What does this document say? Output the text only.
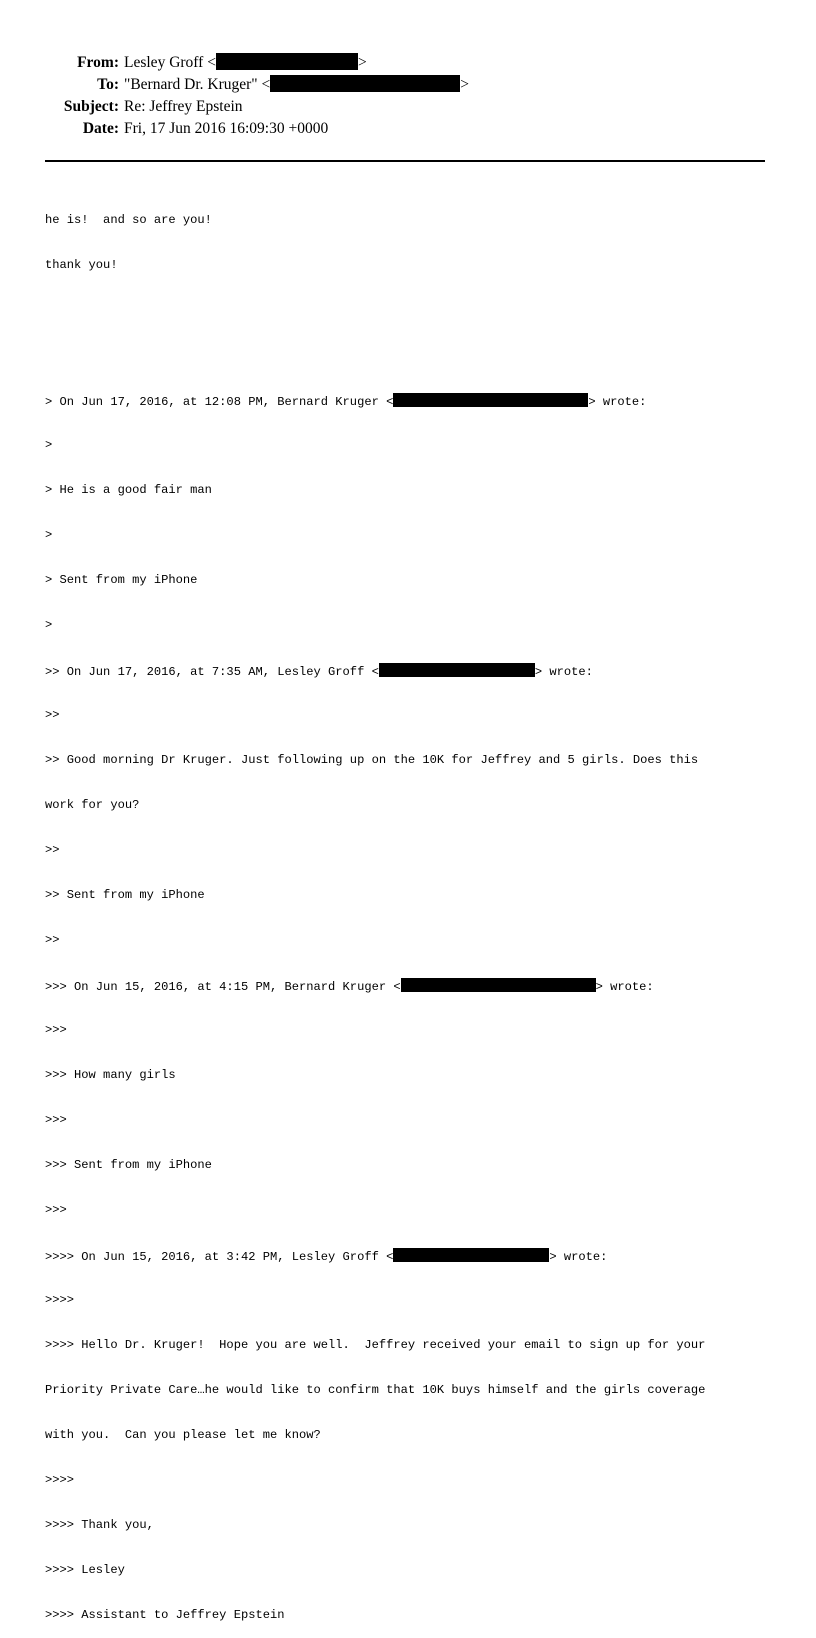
From: Lesley Groff <	>
To: "Bernard Dr. Kruger" <	>
Subject: Re: Jeffrey Epstein
Date: Fri, 17 Jun 2016 16:09:30 +0000

he is!  and so are you!

thank you!

> On Jun 17, 2016, at 12:08 PM, Bernard Kruger <	> wrote:

>

> He is a good fair man

>

> Sent from my iPhone

>

>> On Jun 17, 2016, at 7:35 AM, Lesley Groff <	> wrote:

>>

>> Good morning Dr Kruger. Just following up on the 10K for Jeffrey and 5 girls. Does this

work for you?

>>

>> Sent from my iPhone

>>

>>> On Jun 15, 2016, at 4:15 PM, Bernard Kruger <	> wrote:

>>>

>>> How many girls

>>>

>>> Sent from my iPhone

>>>

>>>> On Jun 15, 2016, at 3:42 PM, Lesley Groff <	> wrote:

>>>>

>>>> Hello Dr. Kruger!  Hope you are well.  Jeffrey received your email to sign up for your

Priority Private Care…he would like to confirm that 10K buys himself and the girls coverage

with you.  Can you please let me know?

>>>>

>>>> Thank you,

>>>> Lesley

>>>> Assistant to Jeffrey Epstein
